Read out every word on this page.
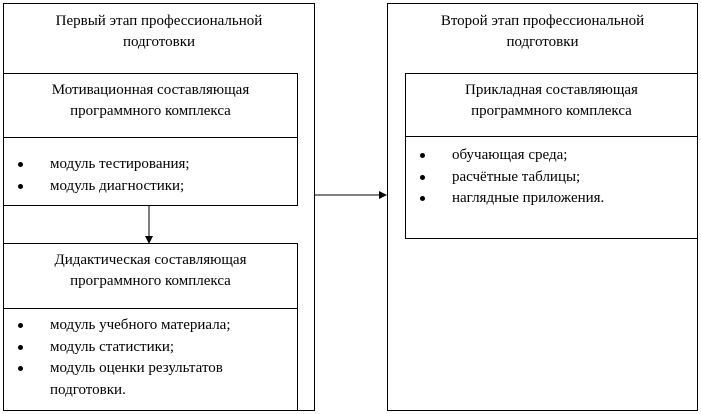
Первый этап профессиональной подготовки
Мотивационная составляющая программного комплекса
модуль тестирования;
модуль диагностики;
Дидактическая составляющая программного комплекса
модуль учебного материала;
модуль статистики;
модуль оценки результатов подготовки.
Второй этап профессиональной подготовки
Прикладная составляющая программного комплекса
обучающая среда;
расчётные таблицы;
наглядные приложения.
